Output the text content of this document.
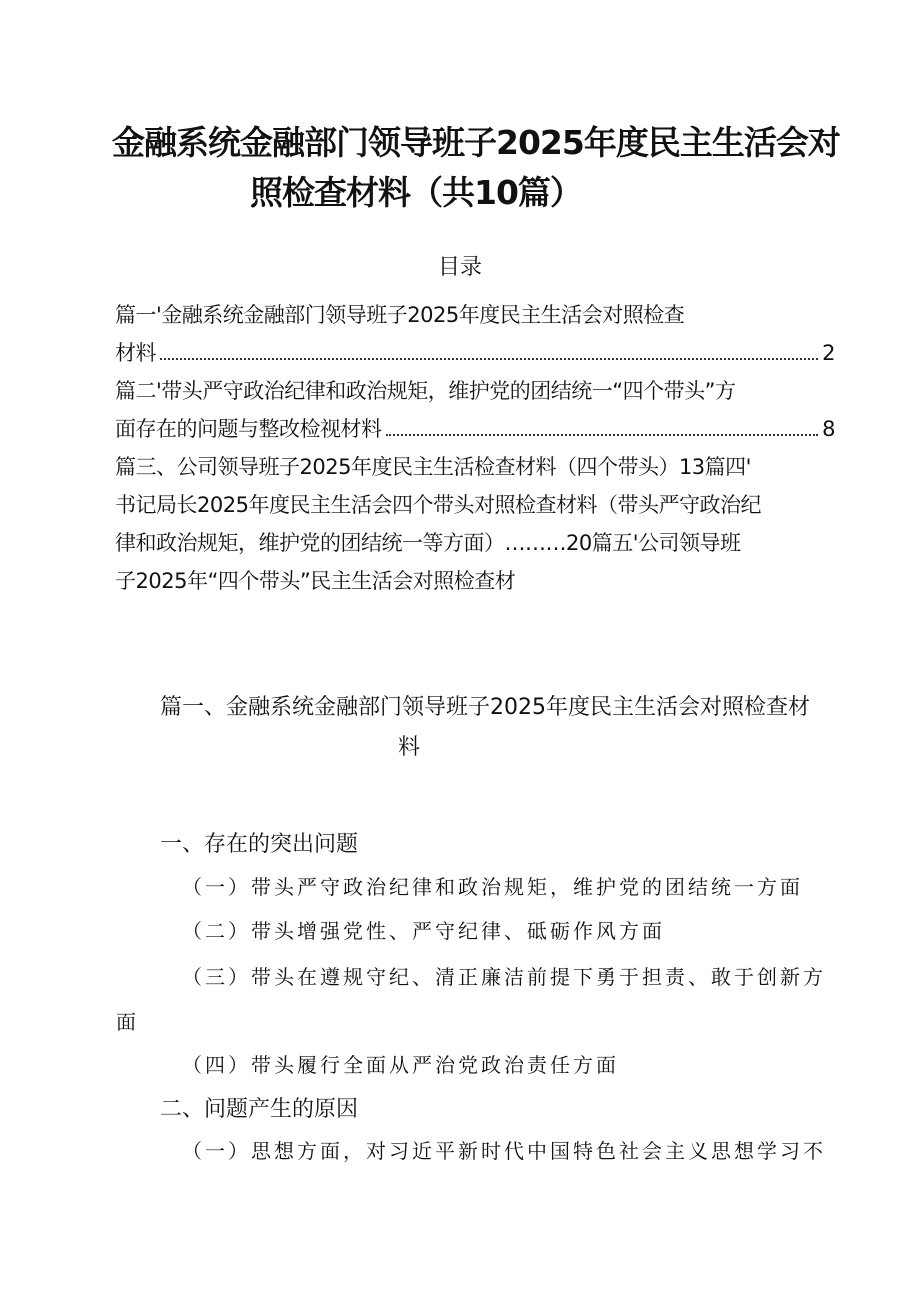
金融系统金融部门领导班子2025年度民主生活会对
照检查材料（共10篇）
目录
篇一'金融系统金融部门领导班子2025年度民主生活会对照检查
材料	2
篇二'带头严守政治纪律和政治规矩，维护党的团结统一“四个带头”方
面存在的问题与整改检视材料	8
篇三、公司领导班子2025年度民主生活检查材料（四个带头）13篇四'
书记局长2025年度民主生活会四个带头对照检查材料（带头严守政治纪
律和政治规矩，维护党的团结统一等方面）………20篇五'公司领导班
子2025年“四个带头”民主生活会对照检查材
篇一、金融系统金融部门领导班子2025年度民主生活会对照检查材
料
一、存在的突出问题
（一）带头严守政治纪律和政治规矩，维护党的团结统一方面
（二）带头增强党性、严守纪律、砥砺作风方面
（三）带头在遵规守纪、清正廉洁前提下勇于担责、敢于创新方
面
（四）带头履行全面从严治党政治责任方面
二、问题产生的原因
（一）思想方面，对习近平新时代中国特色社会主义思想学习不
